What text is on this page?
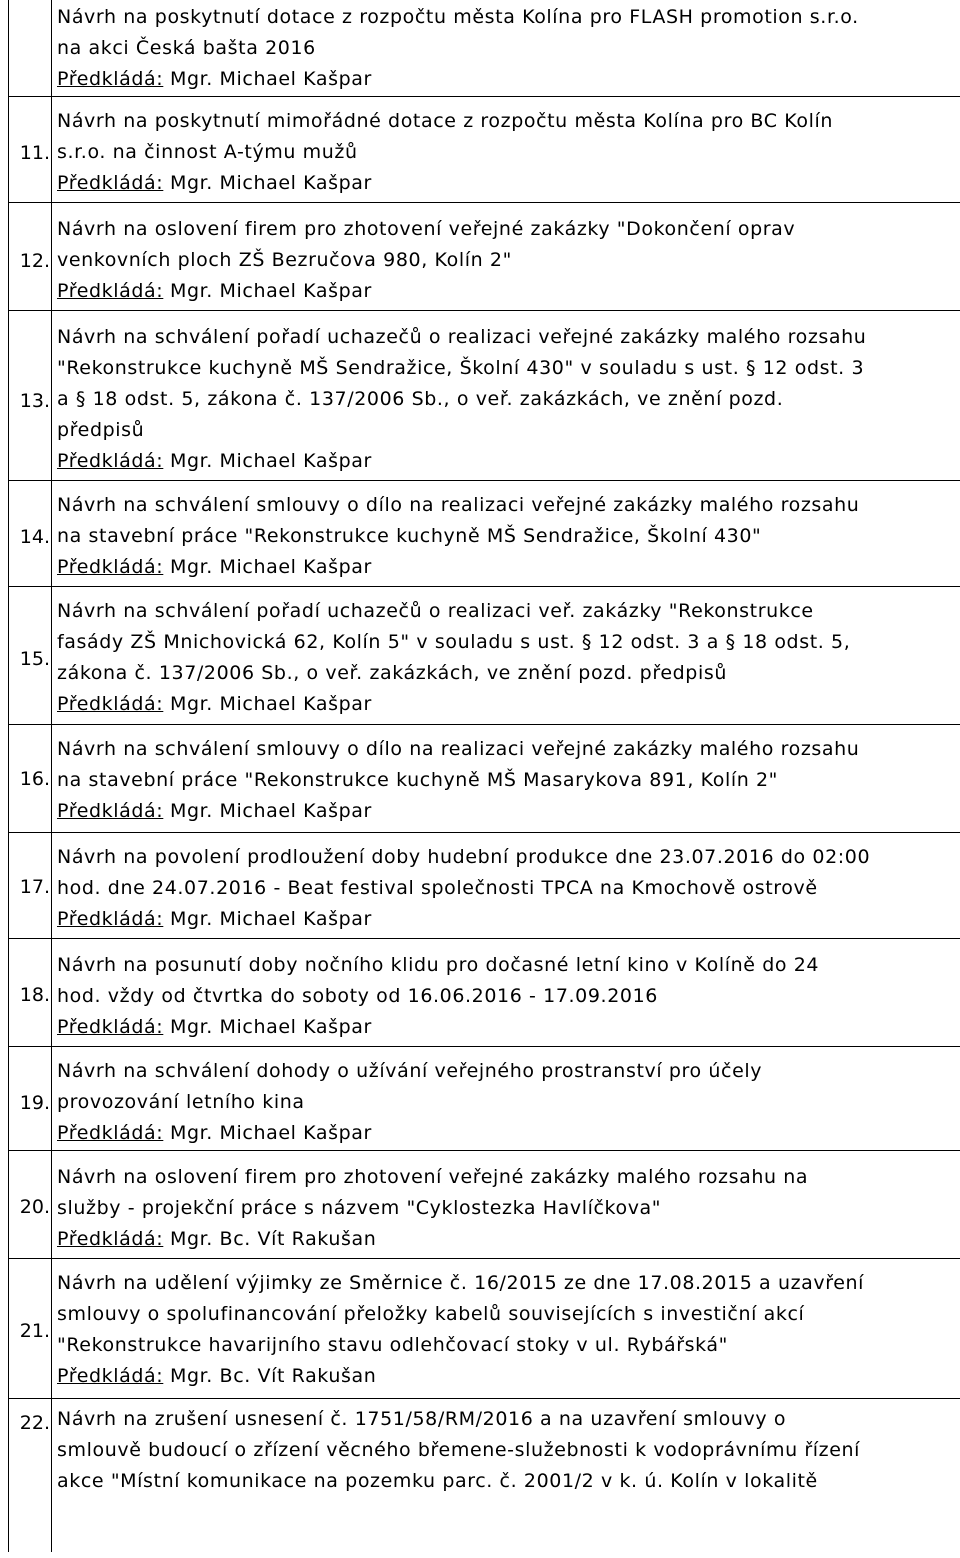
Návrh na poskytnutí dotace z rozpočtu města Kolína pro FLASH promotion s.r.o.
na akci Česká bašta 2016
Předkládá: Mgr. Michael Kašpar
11.
Návrh na poskytnutí mimořádné dotace z rozpočtu města Kolína pro BC Kolín
s.r.o. na činnost A-týmu mužů
Předkládá: Mgr. Michael Kašpar
12.
Návrh na oslovení firem pro zhotovení veřejné zakázky "Dokončení oprav
venkovních ploch ZŠ Bezručova 980, Kolín 2"
Předkládá: Mgr. Michael Kašpar
13.
Návrh na schválení pořadí uchazečů o realizaci veřejné zakázky malého rozsahu
"Rekonstrukce kuchyně MŠ Sendražice, Školní 430" v souladu s ust. § 12 odst. 3
a § 18 odst. 5, zákona č. 137/2006 Sb., o veř. zakázkách, ve znění pozd.
předpisů
Předkládá: Mgr. Michael Kašpar
14.
Návrh na schválení smlouvy o dílo na realizaci veřejné zakázky malého rozsahu
na stavební práce "Rekonstrukce kuchyně MŠ Sendražice, Školní 430"
Předkládá: Mgr. Michael Kašpar
15.
Návrh na schválení pořadí uchazečů o realizaci veř. zakázky "Rekonstrukce
fasády ZŠ Mnichovická 62, Kolín 5" v souladu s ust. § 12 odst. 3 a § 18 odst. 5,
zákona č. 137/2006 Sb., o veř. zakázkách, ve znění pozd. předpisů
Předkládá: Mgr. Michael Kašpar
16.
Návrh na schválení smlouvy o dílo na realizaci veřejné zakázky malého rozsahu
na stavební práce "Rekonstrukce kuchyně MŠ Masarykova 891, Kolín 2"
Předkládá: Mgr. Michael Kašpar
17.
Návrh na povolení prodloužení doby hudební produkce dne 23.07.2016 do 02:00
hod. dne 24.07.2016 - Beat festival společnosti TPCA na Kmochově ostrově
Předkládá: Mgr. Michael Kašpar
18.
Návrh na posunutí doby nočního klidu pro dočasné letní kino v Kolíně do 24
hod. vždy od čtvrtka do soboty od 16.06.2016 - 17.09.2016
Předkládá: Mgr. Michael Kašpar
19.
Návrh na schválení dohody o užívání veřejného prostranství pro účely
provozování letního kina
Předkládá: Mgr. Michael Kašpar
20.
Návrh na oslovení firem pro zhotovení veřejné zakázky malého rozsahu na
služby - projekční práce s názvem "Cyklostezka Havlíčkova"
Předkládá: Mgr. Bc. Vít Rakušan
21.
Návrh na udělení výjimky ze Směrnice č. 16/2015 ze dne 17.08.2015 a uzavření
smlouvy o spolufinancování přeložky kabelů souvisejících s investiční akcí
"Rekonstrukce havarijního stavu odlehčovací stoky v ul. Rybářská"
Předkládá: Mgr. Bc. Vít Rakušan
22. Návrh na zrušení usnesení č. 1751/58/RM/2016 a na uzavření smlouvy o
smlouvě budoucí o zřízení věcného břemene-služebnosti k vodoprávnímu řízení
akce "Místní komunikace na pozemku parc. č. 2001/2 v k. ú. Kolín v lokalitě
